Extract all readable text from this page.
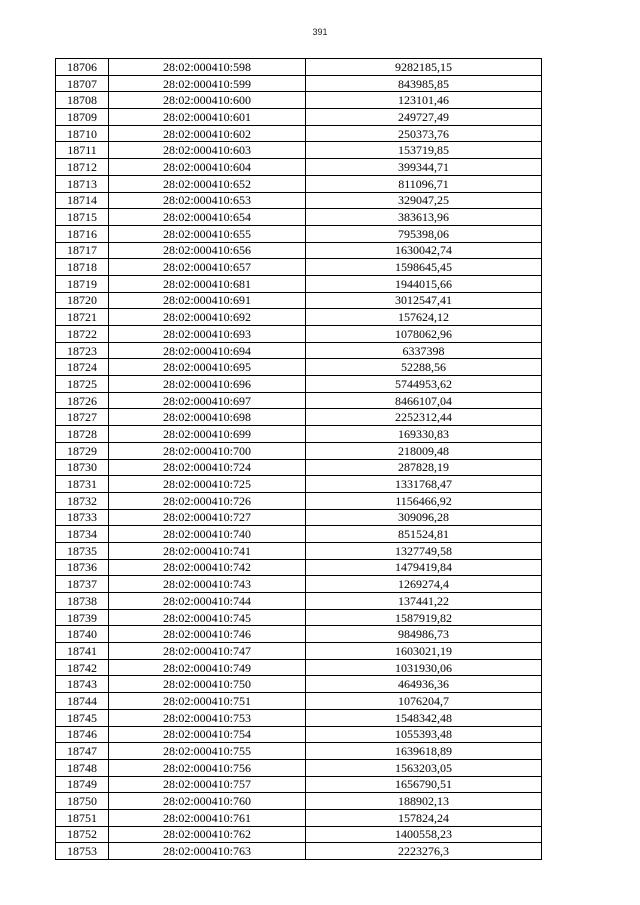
391
18706	28:02:000410:598	9282185,15
18707	28:02:000410:599	843985,85
18708	28:02:000410:600	123101,46
18709	28:02:000410:601	249727,49
18710	28:02:000410:602	250373,76
18711	28:02:000410:603	153719,85
18712	28:02:000410:604	399344,71
18713	28:02:000410:652	811096,71
18714	28:02:000410:653	329047,25
18715	28:02:000410:654	383613,96
18716	28:02:000410:655	795398,06
18717	28:02:000410:656	1630042,74
18718	28:02:000410:657	1598645,45
18719	28:02:000410:681	1944015,66
18720	28:02:000410:691	3012547,41
18721	28:02:000410:692	157624,12
18722	28:02:000410:693	1078062,96
18723	28:02:000410:694	6337398
18724	28:02:000410:695	52288,56
18725	28:02:000410:696	5744953,62
18726	28:02:000410:697	8466107,04
18727	28:02:000410:698	2252312,44
18728	28:02:000410:699	169330,83
18729	28:02:000410:700	218009,48
18730	28:02:000410:724	287828,19
18731	28:02:000410:725	1331768,47
18732	28:02:000410:726	1156466,92
18733	28:02:000410:727	309096,28
18734	28:02:000410:740	851524,81
18735	28:02:000410:741	1327749,58
18736	28:02:000410:742	1479419,84
18737	28:02:000410:743	1269274,4
18738	28:02:000410:744	137441,22
18739	28:02:000410:745	1587919,82
18740	28:02:000410:746	984986,73
18741	28:02:000410:747	1603021,19
18742	28:02:000410:749	1031930,06
18743	28:02:000410:750	464936,36
18744	28:02:000410:751	1076204,7
18745	28:02:000410:753	1548342,48
18746	28:02:000410:754	1055393,48
18747	28:02:000410:755	1639618,89
18748	28:02:000410:756	1563203,05
18749	28:02:000410:757	1656790,51
18750	28:02:000410:760	188902,13
18751	28:02:000410:761	157824,24
18752	28:02:000410:762	1400558,23
18753	28:02:000410:763	2223276,3
